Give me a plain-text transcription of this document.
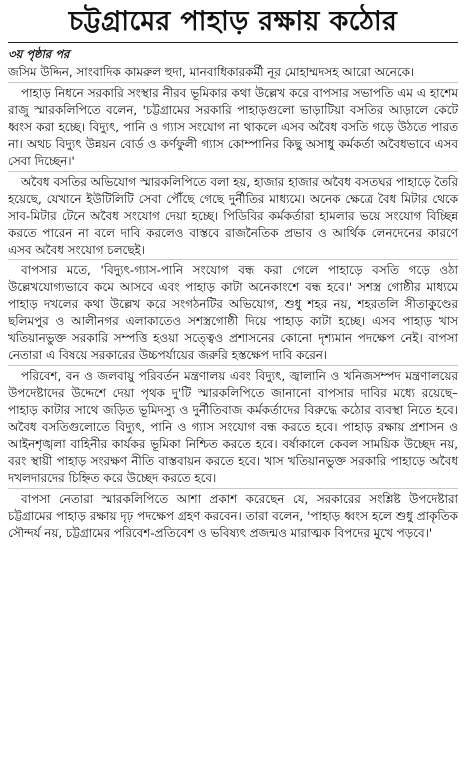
চট্টগ্রামের পাহাড় রক্ষায় কঠোর
৩য় পৃষ্ঠার পর

জসিম উদ্দিন, সাংবাদিক কামরুল হুদা, মানবাধিকারকর্মী নূর মোহাম্মদসহ আরো অনেকে।

পাহাড় নিধনে সরকারি সংস্থার নীরব ভূমিকার কথা উল্লেখ করে বাপসার সভাপতি এম এ হাশেম রাজু স্মারকলিপিতে বলেন, 'চট্টগ্রামের সরকারি পাহাড়গুলো ভাড়াটিয়া বসতির আড়ালে কেটে ধ্বংস করা হচ্ছে। বিদ্যুৎ, পানি ও গ্যাস সংযোগ না থাকলে এসব অবৈধ বসতি গড়ে উঠতে পারত না। অথচ বিদ্যুৎ উন্নয়ন বোর্ড ও কর্ণফুলী গ্যাস কোম্পানির কিছু অসাধু কর্মকর্তা অবৈধভাবে এসব সেবা দিচ্ছেন।'

অবৈধ বসতির অভিযোগ স্মারকলিপিতে বলা হয়, হাজার হাজার অবৈধ বসতঘর পাহাড়ে তৈরি হয়েছে, যেখানে ইউটিলিটি সেবা পৌঁছে গেছে দুর্নীতির মাধ্যমে। অনেক ক্ষেত্রে বৈধ মিটার থেকে সাব-মিটার টেনে অবৈধ সংযোগ দেয়া হচ্ছে। পিডিবির কর্মকর্তারা হামলার ভয়ে সংযোগ বিচ্ছিন্ন করতে পারেন না বলে দাবি করলেও বাস্তবে রাজনৈতিক প্রভাব ও আর্থিক লেনদেনের কারণে এসব অবৈধ সংযোগ চলছেই।

বাপসার মতে, 'বিদ্যুৎ-গ্যাস-পানি সংযোগ বন্ধ করা গেলে পাহাড়ে বসতি গড়ে ওঠা উল্লেখযোগ্যভাবে কমে আসবে এবং পাহাড় কাটা অনেকাংশে বন্ধ হবে।' সশস্ত্র গোষ্ঠীর মাধ্যমে পাহাড় দখলের কথা উল্লেখ করে সংগঠনটির অভিযোগ, শুধু শহর নয়, শহরতলি সীতাকুণ্ডের ছলিমপুর ও আলীনগর এলাকাতেও সশস্ত্রগোষ্ঠী দিয়ে পাহাড় কাটা হচ্ছে। এসব পাহাড় খাস খতিয়ানভুক্ত সরকারি সম্পত্তি হওয়া সত্ত্বেও প্রশাসনের কোনো দৃশ্যমান পদক্ষেপ নেই। বাপসা নেতারা এ বিষয়ে সরকারের উচ্চপর্যায়ের জরুরি হস্তক্ষেপ দাবি করেন।

পরিবেশ, বন ও জলবায়ু পরিবর্তন মন্ত্রণালয় এবং বিদ্যুৎ, জ্বালানি ও খনিজসম্পদ মন্ত্রণালয়ের উপদেষ্টাদের উদ্দেশে দেয়া পৃথক দু'টি স্মারকলিপিতে জানানো বাপসার দাবির মধ্যে রয়েছে– পাহাড় কাটার সাথে জড়িত ভূমিদস্যু ও দুর্নীতিবাজ কর্মকর্তাদের বিরুদ্ধে কঠোর ব্যবস্থা নিতে হবে। অবৈধ বসতিগুলোতে বিদ্যুৎ, পানি ও গ্যাস সংযোগ বন্ধ করতে হবে। পাহাড় রক্ষায় প্রশাসন ও আইনশৃঙ্খলা বাহিনীর কার্যকর ভূমিকা নিশ্চিত করতে হবে। বর্ষাকালে কেবল সাময়িক উচ্ছেদ নয়, বরং স্থায়ী পাহাড় সংরক্ষণ নীতি বাস্তবায়ন করতে হবে। খাস খতিয়ানভুক্ত সরকারি পাহাড়ে অবৈধ দখলদারদের চিহ্নিত করে উচ্ছেদ করতে হবে।

বাপসা নেতারা স্মারকলিপিতে আশা প্রকাশ করেছেন যে, সরকারের সংশ্লিষ্ট উপদেষ্টারা চট্টগ্রামের পাহাড় রক্ষায় দৃঢ় পদক্ষেপ গ্রহণ করবেন। তারা বলেন, 'পাহাড় ধ্বংস হলে শুধু প্রাকৃতিক সৌন্দর্য নয়, চট্টগ্রামের পরিবেশ-প্রতিবেশ ও ভবিষ্যৎ প্রজন্মও মারাত্মক বিপদের মুখে পড়বে।'
